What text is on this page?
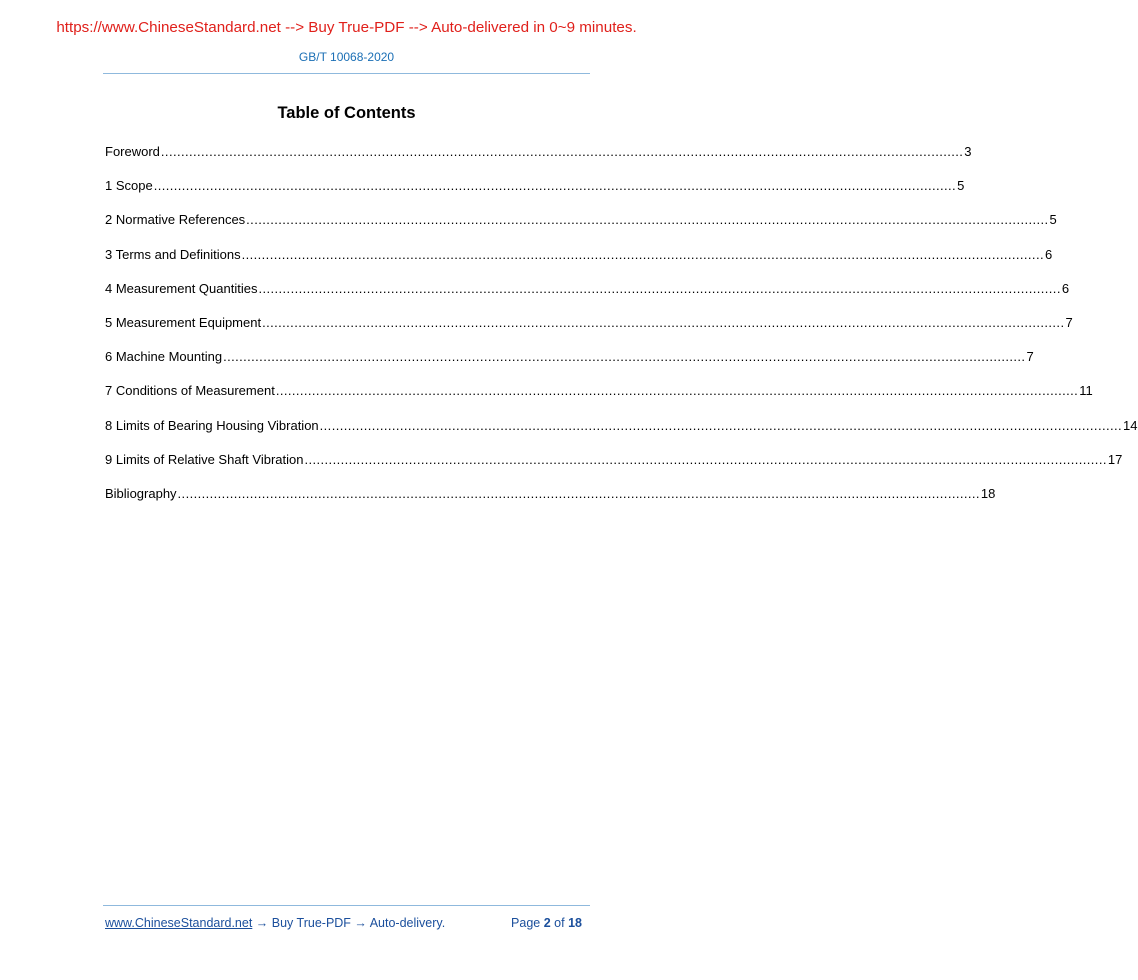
https://www.ChineseStandard.net --> Buy True-PDF --> Auto-delivered in 0~9 minutes.
GB/T 10068-2020
Table of Contents
Foreword ........................................................................................................................................................................................................ 3
1 Scope ........................................................................................................................................................................................................ 5
2 Normative References ........................................................................................................................................................................................................ 5
3 Terms and Definitions ........................................................................................................................................................................................................ 6
4 Measurement Quantities ........................................................................................................................................................................................................ 6
5 Measurement Equipment ........................................................................................................................................................................................................ 7
6 Machine Mounting ........................................................................................................................................................................................................ 7
7 Conditions of Measurement ........................................................................................................................................................................................................ 11
8 Limits of Bearing Housing Vibration ........................................................................................................................................................................................................ 14
9 Limits of Relative Shaft Vibration ........................................................................................................................................................................................................ 17
Bibliography ........................................................................................................................................................................................................ 18
www.ChineseStandard.net → Buy True-PDF → Auto-delivery.	Page 2 of 18
